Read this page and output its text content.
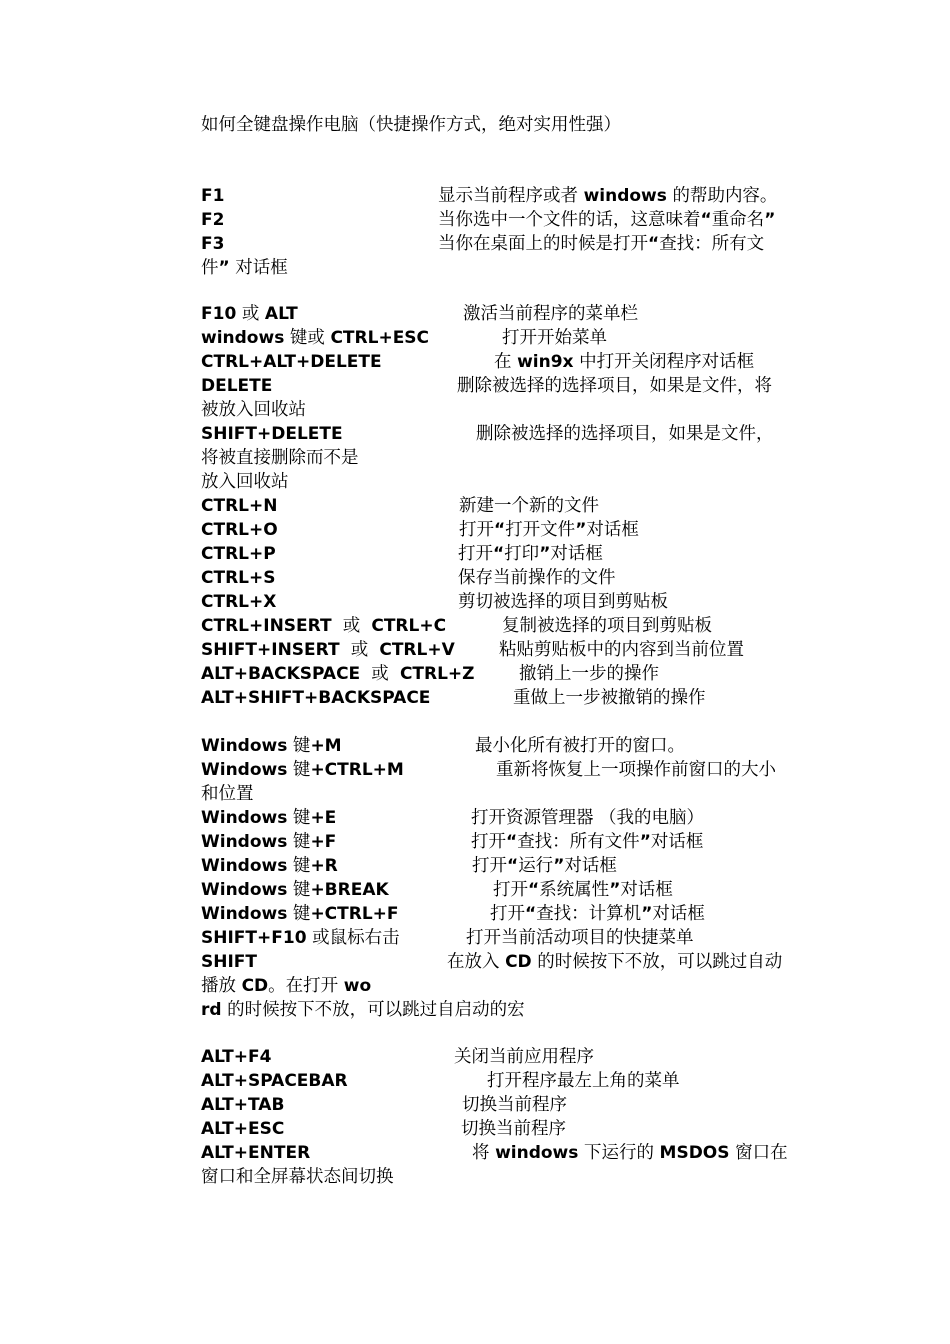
如何全键盘操作电脑（快捷操作方式，绝对实用性强）
F1	显示当前程序或者 windows 的帮助内容。
F2	当你选中一个文件的话，这意味着“重命名”
F3	当你在桌面上的时候是打开“查找：所有文
件” 对话框
F10 或 ALT	激活当前程序的菜单栏
windows 键或 CTRL+ESC	打开开始菜单
CTRL+ALT+DELETE	在 win9x 中打开关闭程序对话框
DELETE	删除被选择的选择项目，如果是文件，将
被放入回收站
SHIFT+DELETE	删除被选择的选择项目，如果是文件，
将被直接删除而不是
放入回收站
CTRL+N	新建一个新的文件
CTRL+O	打开“打开文件”对话框
CTRL+P	打开“打印”对话框
CTRL+S	保存当前操作的文件
CTRL+X	剪切被选择的项目到剪贴板
CTRL+INSERT  或  CTRL+C	复制被选择的项目到剪贴板
SHIFT+INSERT  或  CTRL+V	粘贴剪贴板中的内容到当前位置
ALT+BACKSPACE  或  CTRL+Z	撤销上一步的操作
ALT+SHIFT+BACKSPACE	重做上一步被撤销的操作
Windows 键+M	最小化所有被打开的窗口。
Windows 键+CTRL+M	重新将恢复上一项操作前窗口的大小
和位置
Windows 键+E	打开资源管理器 （我的电脑）
Windows 键+F	打开“查找：所有文件”对话框
Windows 键+R	打开“运行”对话框
Windows 键+BREAK	打开“系统属性”对话框
Windows 键+CTRL+F	打开“查找：计算机”对话框
SHIFT+F10 或鼠标右击	打开当前活动项目的快捷菜单
SHIFT	在放入 CD 的时候按下不放，可以跳过自动
播放 CD。在打开 wo
rd 的时候按下不放，可以跳过自启动的宏
ALT+F4	关闭当前应用程序
ALT+SPACEBAR	打开程序最左上角的菜单
ALT+TAB	切换当前程序
ALT+ESC	切换当前程序
ALT+ENTER	将 windows 下运行的 MSDOS 窗口在
窗口和全屏幕状态间切换
